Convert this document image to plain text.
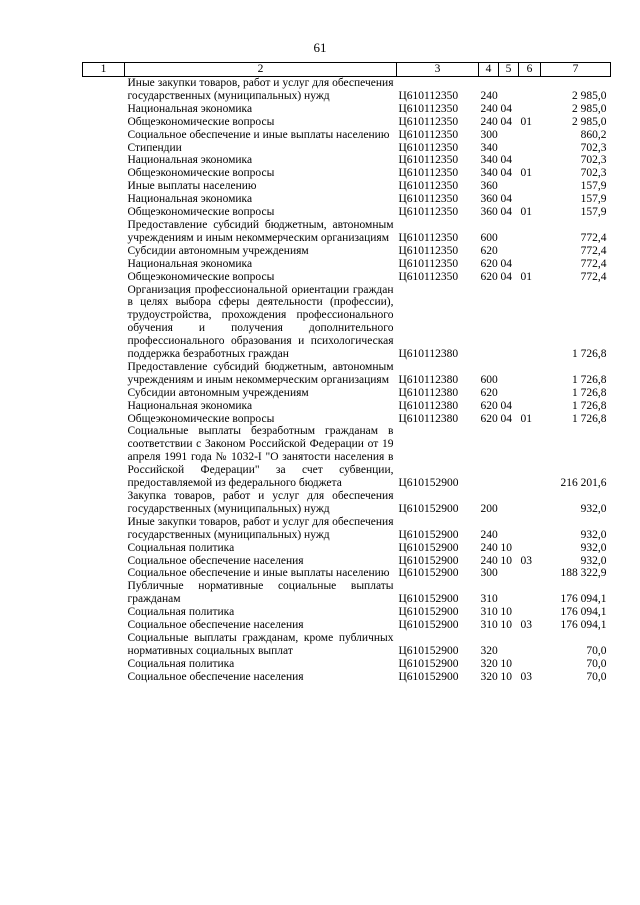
61
1	2	3	4	5	6	7
	Иные закупки товаров, работ и услуг для обеспечения государственных (муниципальных) нужд	Ц610112350	240			2 985,0
	Национальная экономика	Ц610112350	240	04		2 985,0
	Общеэкономические вопросы	Ц610112350	240	04	01	2 985,0
	Социальное обеспечение и иные выплаты населению	Ц610112350	300			860,2
	Стипендии	Ц610112350	340			702,3
	Национальная экономика	Ц610112350	340	04		702,3
	Общеэкономические вопросы	Ц610112350	340	04	01	702,3
	Иные выплаты населению	Ц610112350	360			157,9
	Национальная экономика	Ц610112350	360	04		157,9
	Общеэкономические вопросы	Ц610112350	360	04	01	157,9
	Предоставление субсидий бюджетным, автономным учреждениям и иным некоммерческим организациям	Ц610112350	600			772,4
	Субсидии автономным учреждениям	Ц610112350	620			772,4
	Национальная экономика	Ц610112350	620	04		772,4
	Общеэкономические вопросы	Ц610112350	620	04	01	772,4
	Организация профессиональной ориентации граждан в целях выбора сферы деятельности (профессии), трудоустройства, прохождения профессионального обучения и получения дополнительного профессионального образования и психологическая поддержка безработных граждан	Ц610112380				1 726,8
	Предоставление субсидий бюджетным, автономным учреждениям и иным некоммерческим организациям	Ц610112380	600			1 726,8
	Субсидии автономным учреждениям	Ц610112380	620			1 726,8
	Национальная экономика	Ц610112380	620	04		1 726,8
	Общеэкономические вопросы	Ц610112380	620	04	01	1 726,8
	Социальные выплаты безработным гражданам в соответствии с Законом Российской Федерации от 19 апреля 1991 года № 1032-I "О занятости населения в Российской Федерации" за счет субвенции, предоставляемой из федерального бюджета	Ц610152900				216 201,6
	Закупка товаров, работ и услуг для обеспечения государственных (муниципальных) нужд	Ц610152900	200			932,0
	Иные закупки товаров, работ и услуг для обеспечения государственных (муниципальных) нужд	Ц610152900	240			932,0
	Социальная политика	Ц610152900	240	10		932,0
	Социальное обеспечение населения	Ц610152900	240	10	03	932,0
	Социальное обеспечение и иные выплаты населению	Ц610152900	300			188 322,9
	Публичные нормативные социальные выплаты гражданам	Ц610152900	310			176 094,1
	Социальная политика	Ц610152900	310	10		176 094,1
	Социальное обеспечение населения	Ц610152900	310	10	03	176 094,1
	Социальные выплаты гражданам, кроме публичных нормативных социальных выплат	Ц610152900	320			70,0
	Социальная политика	Ц610152900	320	10		70,0
	Социальное обеспечение населения	Ц610152900	320	10	03	70,0
